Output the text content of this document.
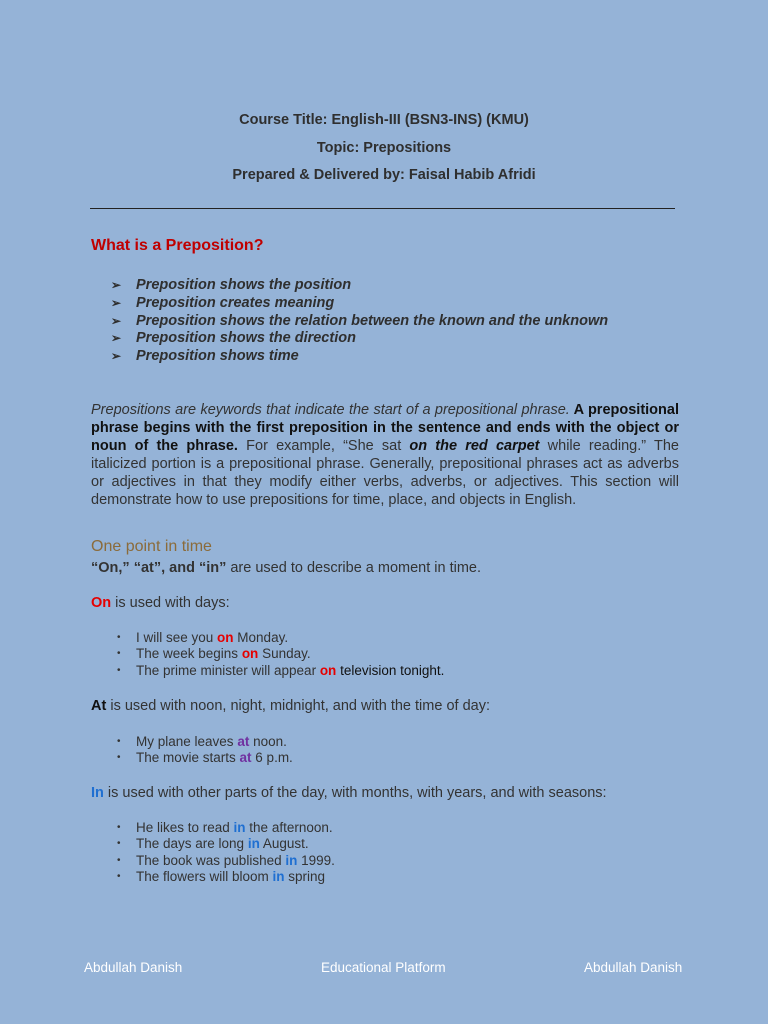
Course Title: English-III (BSN3-INS) (KMU)
Topic: Prepositions
Prepared & Delivered by: Faisal Habib Afridi
What is a Preposition?
➢ Preposition shows the position
➢ Preposition creates meaning
➢ Preposition shows the relation between the known and the unknown
➢ Preposition shows the direction
➢ Preposition shows time

Prepositions are keywords that indicate the start of a prepositional phrase. A prepositional phrase begins with the first preposition in the sentence and ends with the object or noun of the phrase. For example, “She sat on the red carpet while reading.” The italicized portion is a prepositional phrase. Generally, prepositional phrases act as adverbs or adjectives in that they modify either verbs, adverbs, or adjectives. This section will demonstrate how to use prepositions for time, place, and objects in English.

One point in time

“On,” “at”, and “in” are used to describe a moment in time.

On is used with days:

• I will see you on Monday.
• The week begins on Sunday.
• The prime minister will appear on television tonight.

At is used with noon, night, midnight, and with the time of day:

• My plane leaves at noon.
• The movie starts at 6 p.m.

In is used with other parts of the day, with months, with years, and with seasons:

• He likes to read in the afternoon.
• The days are long in August.
• The book was published in 1999.
• The flowers will bloom in spring
Abdullah Danish	Educational Platform	Abdullah Danish
